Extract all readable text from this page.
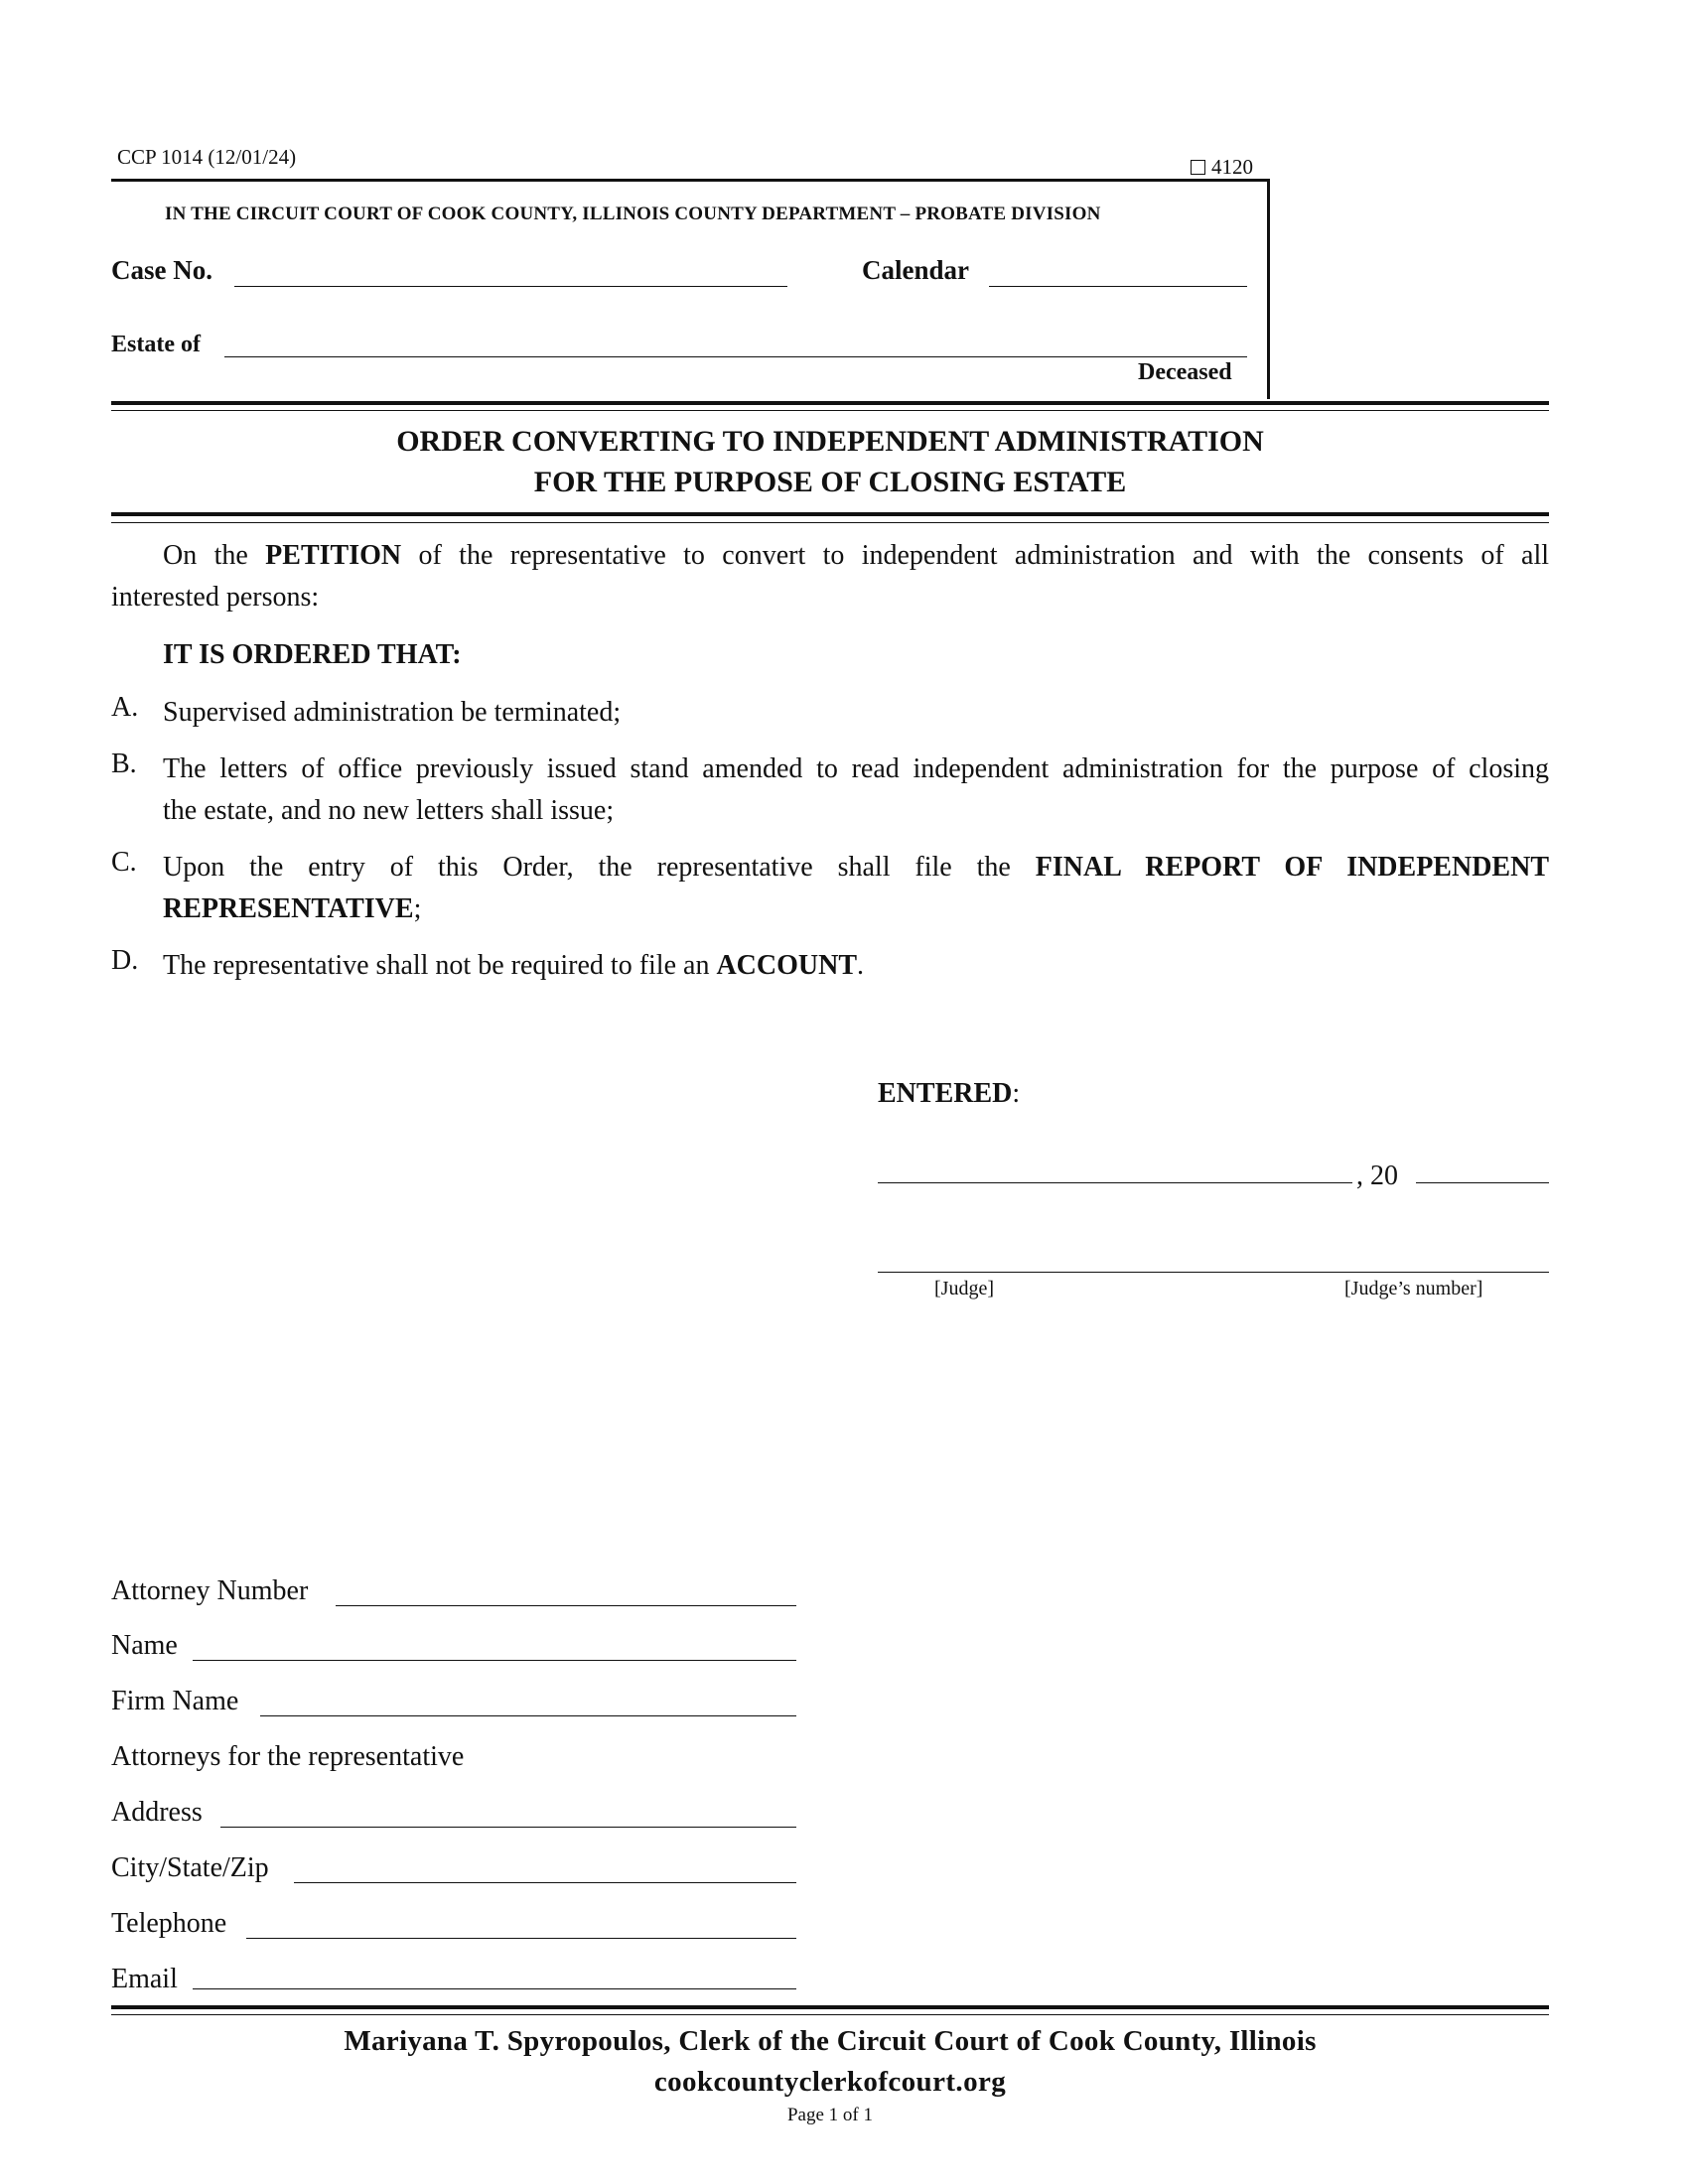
CCP 1014 (12/01/24)	4120
IN THE CIRCUIT COURT OF COOK COUNTY, ILLINOIS COUNTY DEPARTMENT – PROBATE DIVISION
Case No.	Calendar
Estate of
Deceased
ORDER CONVERTING TO INDEPENDENT ADMINISTRATION
FOR THE PURPOSE OF CLOSING ESTATE
On the PETITION of the representative to convert to independent administration and with the consents of all
interested persons:
IT IS ORDERED THAT:
A. Supervised administration be terminated;
B. The letters of office previously issued stand amended to read independent administration for the purpose of closing
the estate, and no new letters shall issue;
C. Upon the entry of this Order, the representative shall file the FINAL REPORT OF INDEPENDENT
REPRESENTATIVE;
D. The representative shall not be required to file an ACCOUNT.
ENTERED:
, 20
[Judge]	[Judge’s number]
Attorney Number
Name
Firm Name
Attorneys for the representative
Address
City/State/Zip
Telephone
Email
Mariyana T. Spyropoulos, Clerk of the Circuit Court of Cook County, Illinois
cookcountyclerkofcourt.org
Page 1 of 1
